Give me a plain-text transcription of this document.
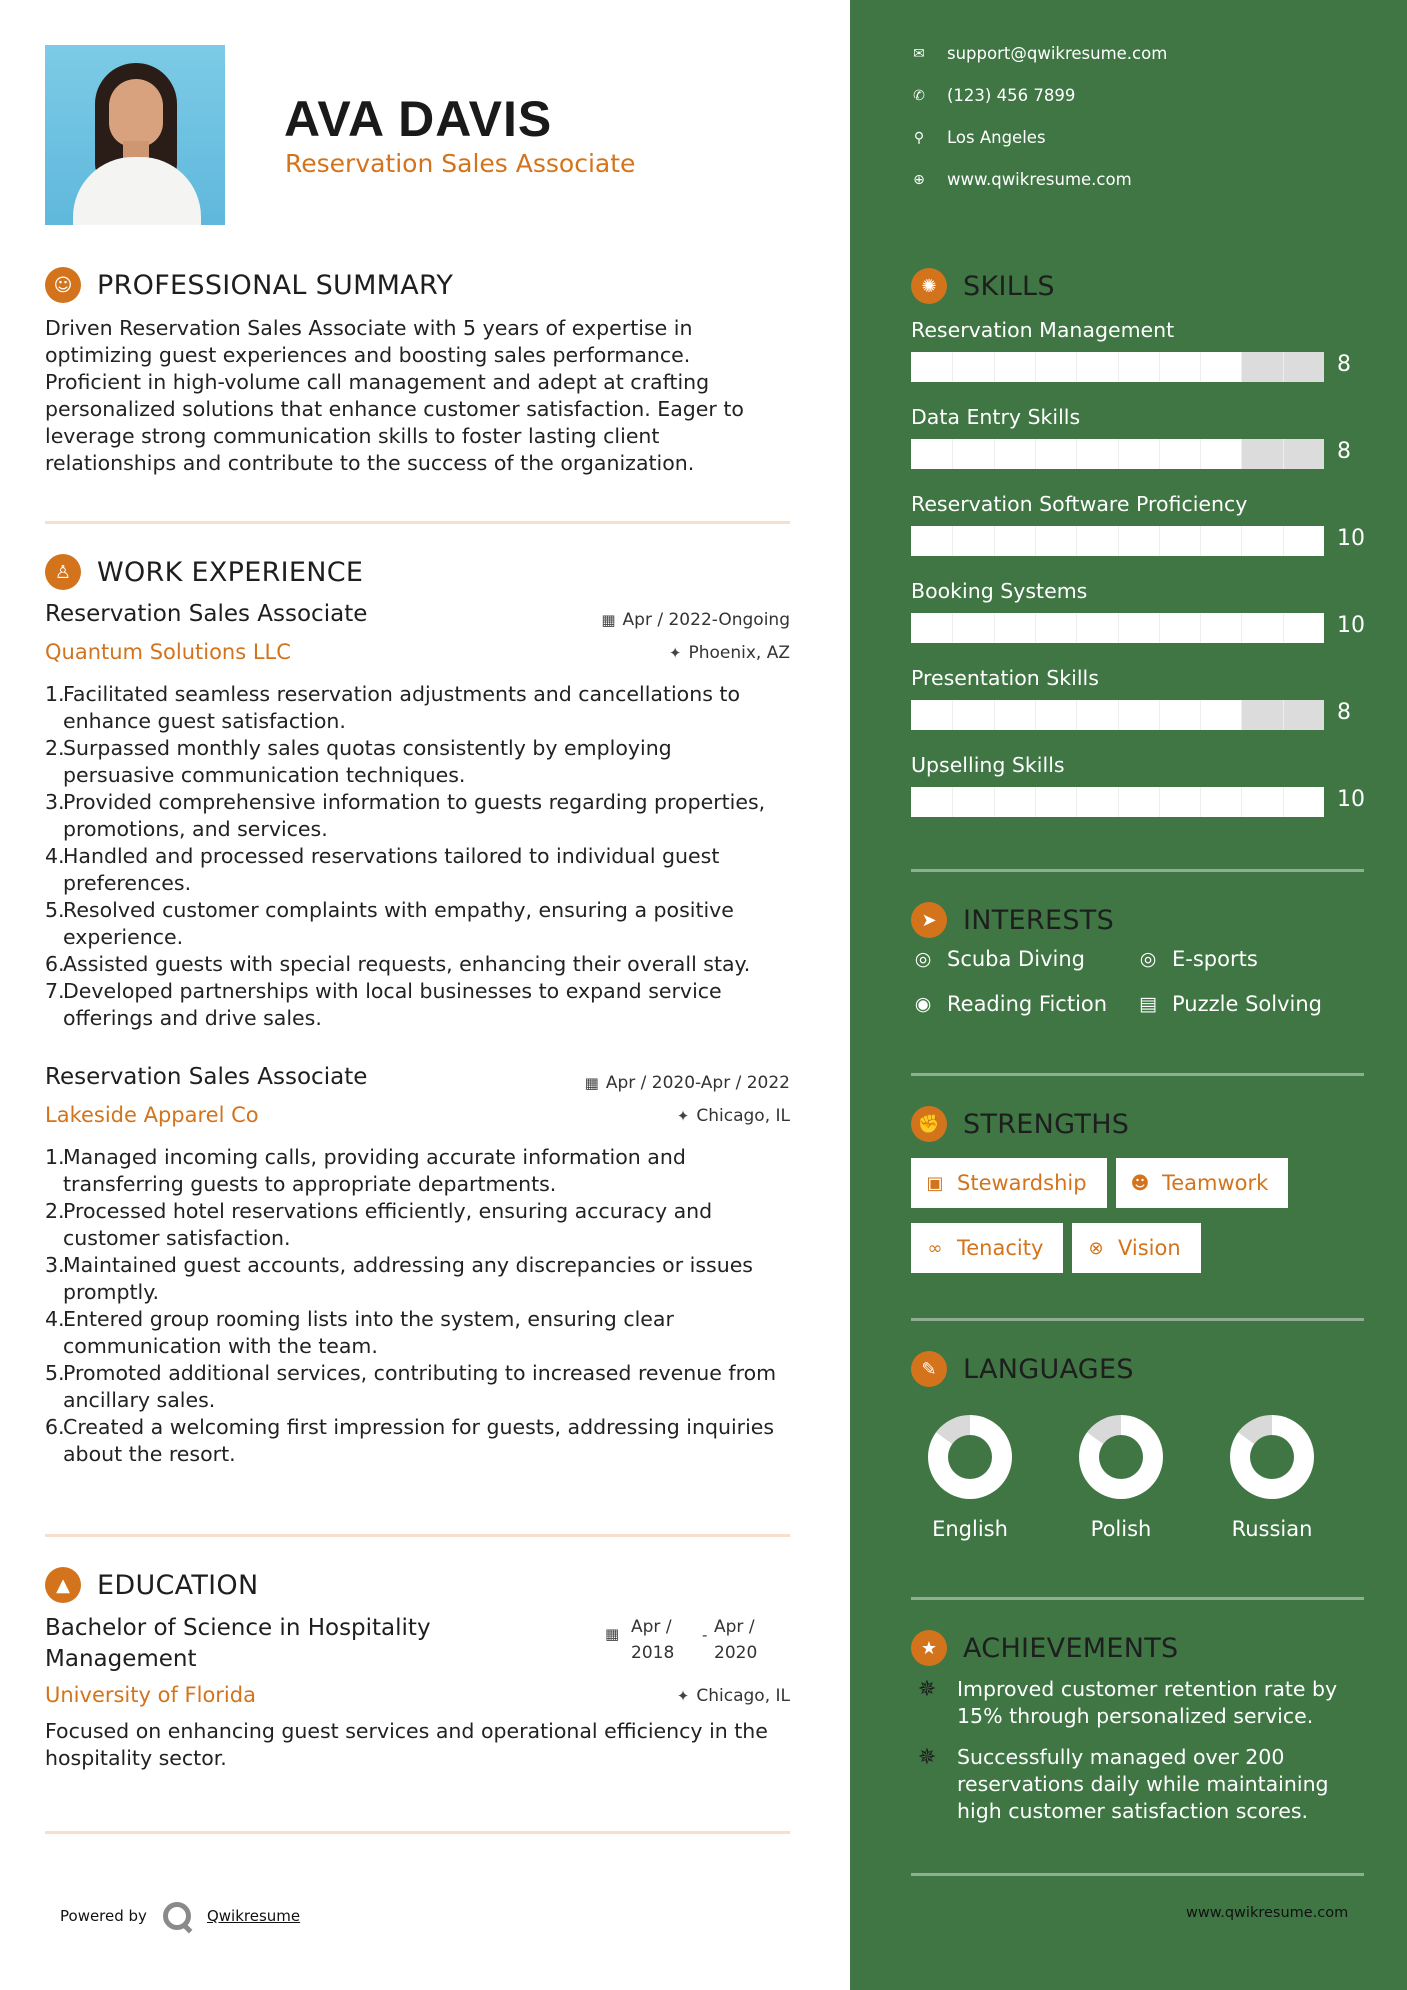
AVA DAVIS
Reservation Sales Associate
☺ PROFESSIONAL SUMMARY
Driven Reservation Sales Associate with 5 years of expertise in
optimizing guest experiences and boosting sales performance.
Proficient in high-volume call management and adept at crafting
personalized solutions that enhance customer satisfaction. Eager to
leverage strong communication skills to foster lasting client
relationships and contribute to the success of the organization.
♙ WORK EXPERIENCE
Reservation Sales Associate	▦ Apr / 2022-Ongoing
Quantum Solutions LLC	✦ Phoenix, AZ
1.
Facilitated seamless reservation adjustments and cancellations to
enhance guest satisfaction.
2.
Surpassed monthly sales quotas consistently by employing
persuasive communication techniques.
3.
Provided comprehensive information to guests regarding properties,
promotions, and services.
4.
Handled and processed reservations tailored to individual guest
preferences.
5.
Resolved customer complaints with empathy, ensuring a positive
experience.
6.
Assisted guests with special requests, enhancing their overall stay.
7.
Developed partnerships with local businesses to expand service
offerings and drive sales.
Reservation Sales Associate	▦ Apr / 2020-Apr / 2022
Lakeside Apparel Co	✦ Chicago, IL
1.
Managed incoming calls, providing accurate information and
transferring guests to appropriate departments.
2.
Processed hotel reservations efficiently, ensuring accuracy and
customer satisfaction.
3.
Maintained guest accounts, addressing any discrepancies or issues
promptly.
4.
Entered group rooming lists into the system, ensuring clear
communication with the team.
5.
Promoted additional services, contributing to increased revenue from
ancillary sales.
6.
Created a welcoming first impression for guests, addressing inquiries
about the resort.
▲	EDUCATION
Bachelor of Science in Hospitality
Management
▦ Apr /
2018
- Apr /
2020
University of Florida	✦ Chicago, IL
Focused on enhancing guest services and operational efficiency in the
hospitality sector.
Powered by	Qwikresume
✉ support@qwikresume.com
✆ (123) 456 7899
⚲ Los Angeles
⊕ www.qwikresume.com
✺ SKILLS
Reservation Management
8
Data Entry Skills
8
Reservation Software Proficiency
10
Booking Systems
10
Presentation Skills
8
Upselling Skills
10
➤ INTERESTS
◎ Scuba Diving	◎ E-sports
◉ Reading Fiction ▤ Puzzle Solving
✊ STRENGTHS
▣ Stewardship ☻ Teamwork
∞ Tenacity	⊗ Vision
✎ LANGUAGES
English	Polish	Russian
★ ACHIEVEMENTS
✵	Improved customer retention rate by
15% through personalized service.
✵	Successfully managed over 200
reservations daily while maintaining
high customer satisfaction scores.
www.qwikresume.com
